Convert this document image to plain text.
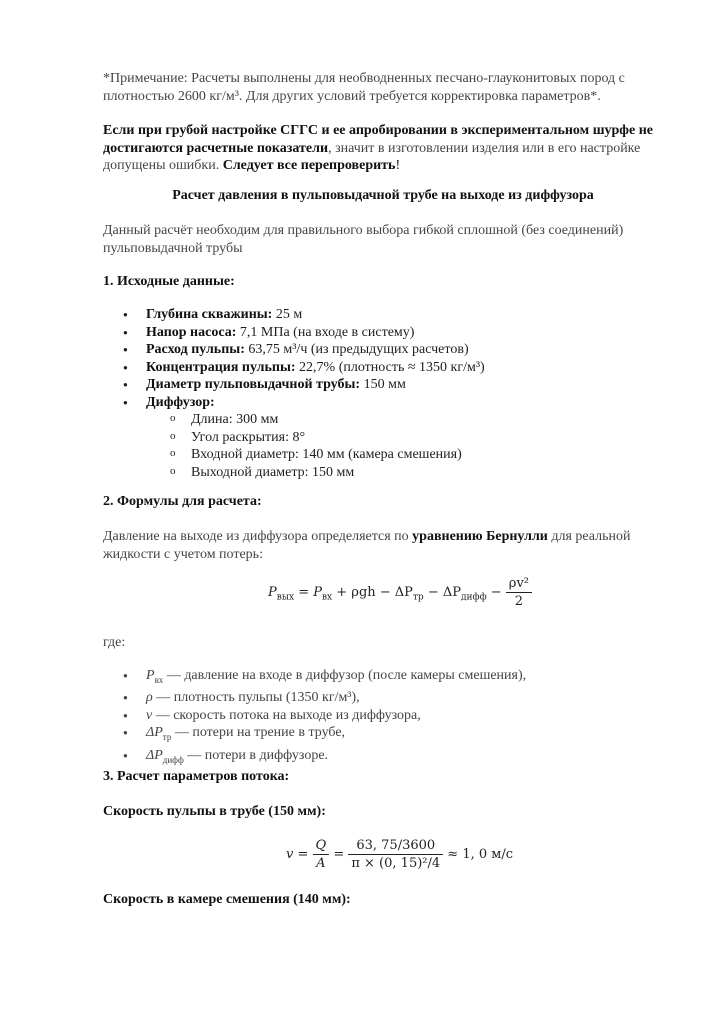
*Примечание: Расчеты выполнены для необводненных песчано-глауконитовых пород с плотностью 2600 кг/м³. Для других условий требуется корректировка параметров*.

Если при грубой настройке СГГС и ее апробировании в экспериментальном шурфе не достигаются расчетные показатели, значит в изготовлении изделия или в его настройке допущены ошибки. Следует все перепроверить!

Расчет давления в пульповыдачной трубе на выходе из диффузора

Данный расчёт необходим для правильного выбора гибкой сплошной (без соединений) пульповыдачной трубы

1. Исходные данные:

● Глубина скважины: 25 м
● Напор насоса: 7,1 МПа (на входе в систему)
● Расход пульпы: 63,75 м³/ч (из предыдущих расчетов)
● Концентрация пульпы: 22,7% (плотность ≈ 1350 кг/м³)
● Диаметр пульповыдачной трубы: 150 мм
● Диффузор:
o Длина: 300 мм
o Угол раскрытия: 8°
o Входной диаметр: 140 мм (камера смешения)
o Выходной диаметр: 150 мм

2. Формулы для расчета:

Давление на выходе из диффузора определяется по уравнению Бернулли для реальной жидкости с учетом потерь:

$P_{вых} = P_{вх} + \rho gh - \Delta P_{тр} - \Delta P_{дифф} - \frac{\text{ρv²}}{2}$

где:

● $P_{вх}$ — давление на входе в диффузор (после камеры смешения),
● ρ — плотность пульпы (1350 кг/м³),
● v — скорость потока на выходе из диффузора,
● $\Delta P_{тр}$ — потери на трение в трубе,
● $\Delta P_{дифф}$ — потери в диффузоре.

3. Расчет параметров потока:

Скорость пульпы в трубе (150 мм):

$v = \frac{Q}{A} = \frac{63, 75/3600}{\text{π × (0, 15)²/4}} \approx 1$, 0 м/с

Скорость в камере смешения (140 мм):
